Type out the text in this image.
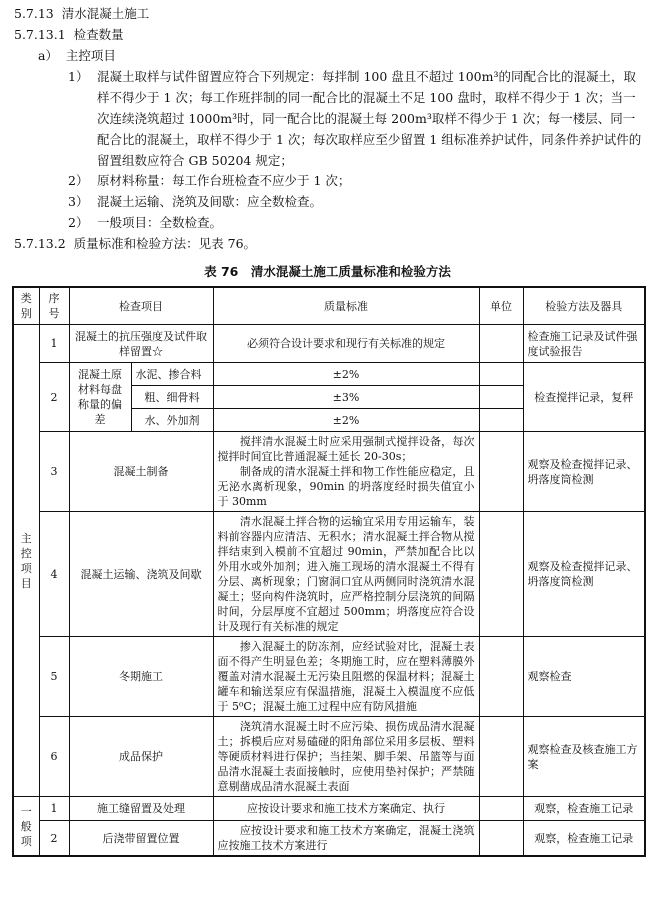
5.7.13 清水混凝土施工
5.7.13.1 检查数量
a） 主控项目
1） 混凝土取样与试件留置应符合下列规定：每拌制 100 盘且不超过 100m³的同配合比的混凝土，取样不得少于 1 次；每工作班拌制的同一配合比的混凝土不足 100 盘时，取样不得少于 1 次；当一次连续浇筑超过 1000m³时，同一配合比的混凝土每 200m³取样不得少于 1 次；每一楼层、同一配合比的混凝土，取样不得少于 1 次；每次取样应至少留置 1 组标准养护试件，同条件养护试件的留置组数应符合 GB 50204 规定；
2） 原材料称量：每工作台班检查不应少于 1 次；
3） 混凝土运输、浇筑及间歇：应全数检查。
2） 一般项目：全数检查。
5.7.13.2 质量标准和检验方法：见表 76。
表 76　清水混凝土施工质量标准和检验方法
类别	序号	检查项目		质量标准	单位	检验方法及器具
主控项目	1	混凝土的抗压强度及试件取样留置☆		必须符合设计要求和现行有关标准的规定		检查施工记录及试件强度试验报告
	2	混凝土原材料每盘称量的偏差	水泥、掺合料	±2%		检查搅拌记录，复秤
			粗、细骨料	±3%		
			水、外加剂	±2%		
	3	混凝土制备		　　搅拌清水混凝土时应采用强制式搅拌设备，每次搅拌时间宜比普通混凝土延长 20-30s；
　　制备成的清水混凝土拌和物工作性能应稳定，且无泌水离析现象，90min 的坍落度经时损失值宜小于 30mm		观察及检查搅拌记录、坍落度筒检测
	4	混凝土运输、浇筑及间歇		　　清水混凝土拌合物的运输宜采用专用运输车，装料前容器内应清洁、无积水；清水混凝土拌合物从搅拌结束到入模前不宜超过 90min，严禁加配合比以外用水或外加剂；进入施工现场的清水混凝土不得有分层、离析现象；门窗洞口宜从两侧同时浇筑清水混凝土；竖向构件浇筑时，应严格控制分层浇筑的间隔时间，分层厚度不宜超过 500mm；坍落度应符合设计及现行有关标准的规定		观察及检查搅拌记录、坍落度筒检测
	5	冬期施工		　　掺入混凝土的防冻剂，应经试验对比，混凝土表面不得产生明显色差；冬期施工时，应在塑料薄膜外覆盖对清水混凝土无污染且阻燃的保温材料；混凝土罐车和输送泵应有保温措施，混凝土入模温度不应低于 5⁰C；混凝土施工过程中应有防风措施		观察检查
	6	成品保护		　　浇筑清水混凝土时不应污染、损伤成品清水混凝土；拆模后应对易磕碰的阳角部位采用多层板、塑料等硬质材料进行保护；当挂架、脚手架、吊篮等与面品清水混凝土表面接触时，应使用垫衬保护；严禁随意剔凿成品清水混凝土表面		观察检查及核查施工方案
一般项	1	施工缝留置及处理		应按设计要求和施工技术方案确定、执行		观察，检查施工记录
	2	后浇带留置位置		　　应按设计要求和施工技术方案确定，混凝土浇筑应按施工技术方案进行		观察，检查施工记录
